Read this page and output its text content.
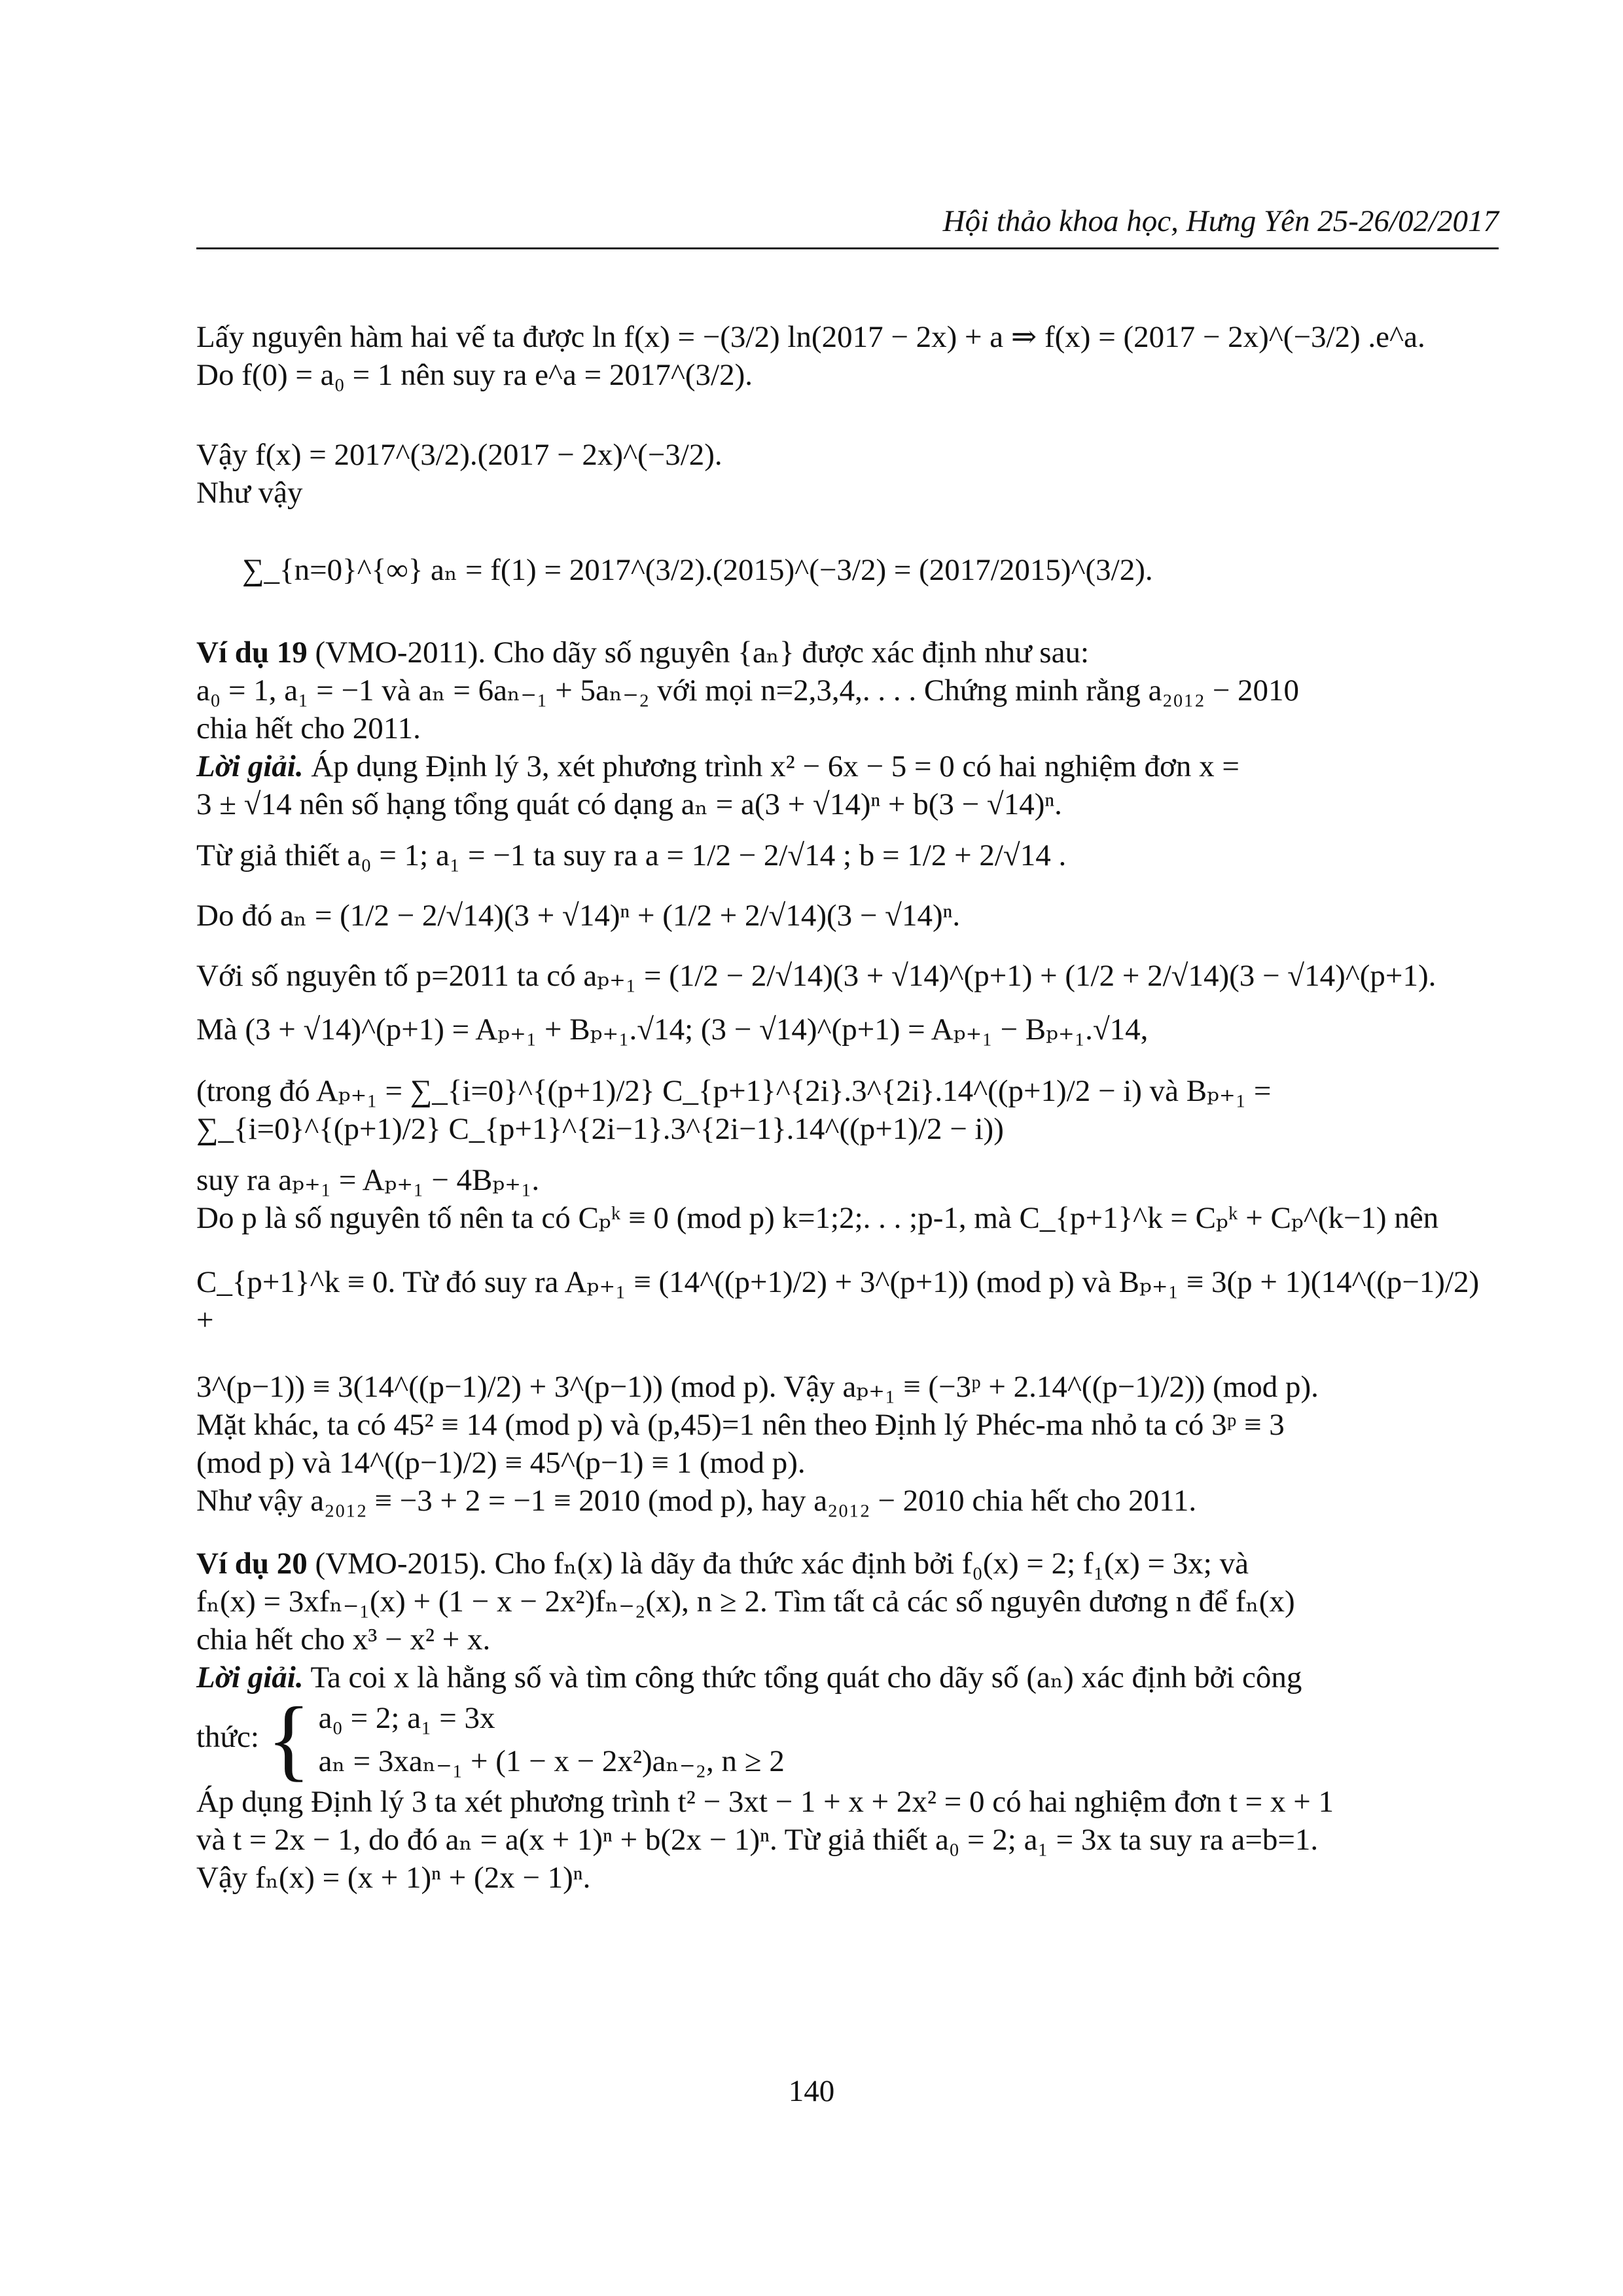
Hội thảo khoa học, Hưng Yên 25-26/02/2017

Lấy nguyên hàm hai vế ta được ln f(x) = −(3/2) ln(2017 − 2x) + a ⇒ f(x) = (2017 − 2x)^(−3/2) .e^a.

Do f(0) = a₀ = 1 nên suy ra e^a = 2017^(3/2).

Vậy f(x) = 2017^(3/2).(2017 − 2x)^(−3/2).

Như vậy

∑_{n=0}^{∞} aₙ = f(1) = 2017^(3/2).(2015)^(−3/2) = (2017/2015)^(3/2).

Ví dụ 19 (VMO-2011). Cho dãy số nguyên {aₙ} được xác định như sau:

a₀ = 1, a₁ = −1 và aₙ = 6aₙ₋₁ + 5aₙ₋₂ với mọi n=2,3,4,. . . . Chứng minh rằng a₂₀₁₂ − 2010

chia hết cho 2011.

Lời giải. Áp dụng Định lý 3, xét phương trình x² − 6x − 5 = 0 có hai nghiệm đơn x =

3 ± √14 nên số hạng tổng quát có dạng aₙ = a(3 + √14)ⁿ + b(3 − √14)ⁿ.

Từ giả thiết a₀ = 1; a₁ = −1 ta suy ra a = 1/2 − 2/√14 ; b = 1/2 + 2/√14 .

Do đó aₙ = (1/2 − 2/√14)(3 + √14)ⁿ + (1/2 + 2/√14)(3 − √14)ⁿ.

Với số nguyên tố p=2011 ta có aₚ₊₁ = (1/2 − 2/√14)(3 + √14)^(p+1) + (1/2 + 2/√14)(3 − √14)^(p+1).

Mà (3 + √14)^(p+1) = Aₚ₊₁ + Bₚ₊₁.√14; (3 − √14)^(p+1) = Aₚ₊₁ − Bₚ₊₁.√14,

(trong đó Aₚ₊₁ = ∑_{i=0}^{(p+1)/2} C_{p+1}^{2i}.3^{2i}.14^((p+1)/2 − i) và Bₚ₊₁ = ∑_{i=0}^{(p+1)/2} C_{p+1}^{2i−1}.3^{2i−1}.14^((p+1)/2 − i))

suy ra aₚ₊₁ = Aₚ₊₁ − 4Bₚ₊₁.

Do p là số nguyên tố nên ta có Cₚᵏ ≡ 0 (mod p) k=1;2;. . . ;p-1, mà C_{p+1}^k = Cₚᵏ + Cₚ^(k−1) nên

C_{p+1}^k ≡ 0. Từ đó suy ra Aₚ₊₁ ≡ (14^((p+1)/2) + 3^(p+1)) (mod p) và Bₚ₊₁ ≡ 3(p + 1)(14^((p−1)/2) +

3^(p−1)) ≡ 3(14^((p−1)/2) + 3^(p−1)) (mod p). Vậy aₚ₊₁ ≡ (−3ᵖ + 2.14^((p−1)/2)) (mod p).

Mặt khác, ta có 45² ≡ 14 (mod p) và (p,45)=1 nên theo Định lý Phéc-ma nhỏ ta có 3ᵖ ≡ 3

(mod p) và 14^((p−1)/2) ≡ 45^(p−1) ≡ 1 (mod p).

Như vậy a₂₀₁₂ ≡ −3 + 2 = −1 ≡ 2010 (mod p), hay a₂₀₁₂ − 2010 chia hết cho 2011.

Ví dụ 20 (VMO-2015). Cho fₙ(x) là dãy đa thức xác định bởi f₀(x) = 2; f₁(x) = 3x; và

fₙ(x) = 3xfₙ₋₁(x) + (1 − x − 2x²)fₙ₋₂(x), n ≥ 2. Tìm tất cả các số nguyên dương n để fₙ(x)

chia hết cho x³ − x² + x.

Lời giải. Ta coi x là hằng số và tìm công thức tổng quát cho dãy số (aₙ) xác định bởi công

thức: { a₀ = 2; a₁ = 3x
aₙ = 3xaₙ₋₁ + (1 − x − 2x²)aₙ₋₂, n ≥ 2

Áp dụng Định lý 3 ta xét phương trình t² − 3xt − 1 + x + 2x² = 0 có hai nghiệm đơn t = x + 1

và t = 2x − 1, do đó aₙ = a(x + 1)ⁿ + b(2x − 1)ⁿ. Từ giả thiết a₀ = 2; a₁ = 3x ta suy ra a=b=1.

Vậy fₙ(x) = (x + 1)ⁿ + (2x − 1)ⁿ.

140
